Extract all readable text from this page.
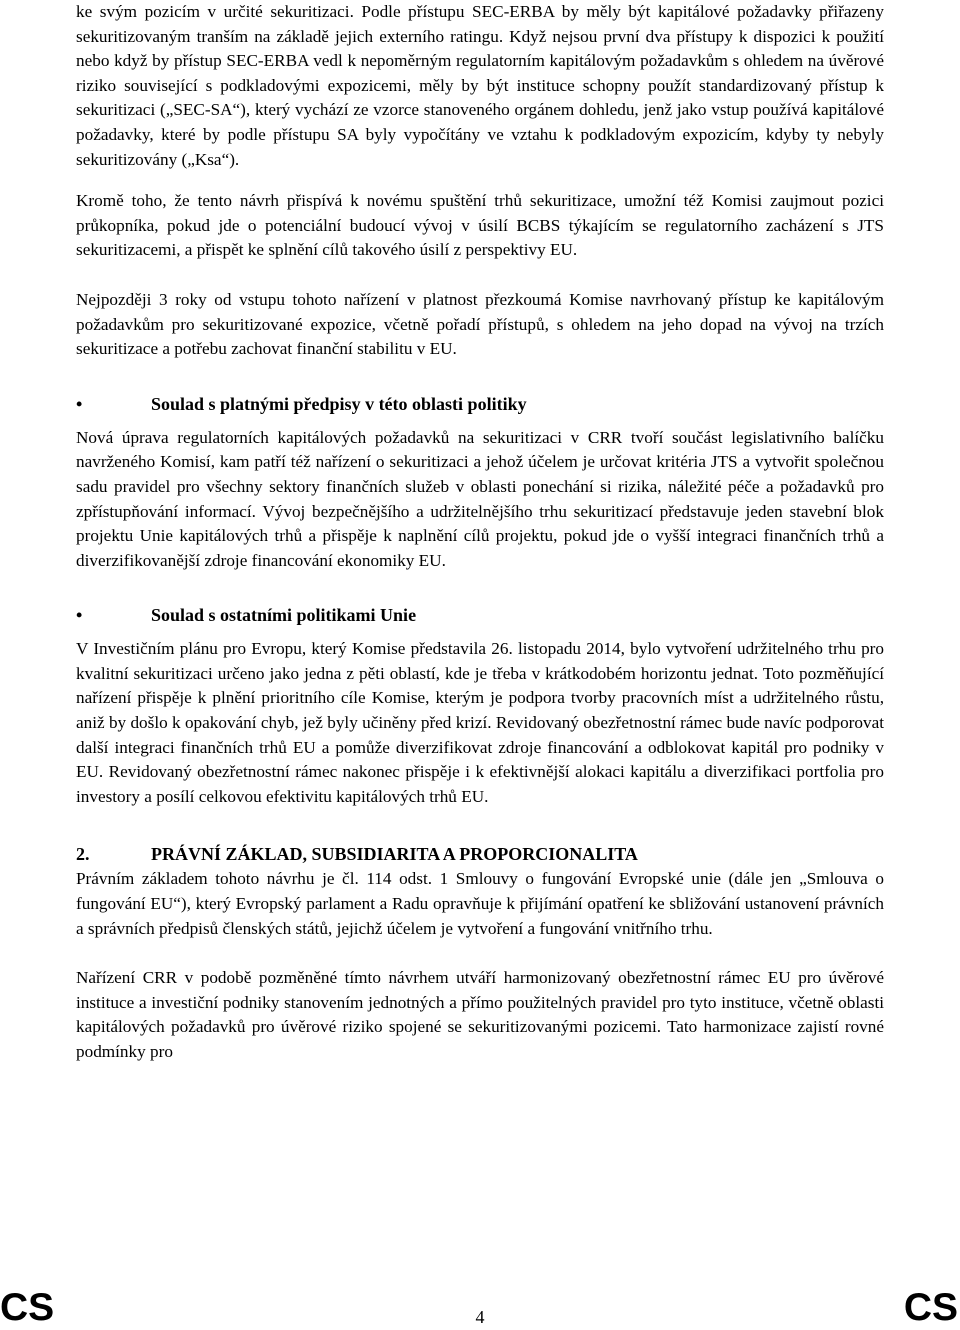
ke svým pozicím v určité sekuritizaci. Podle přístupu SEC-ERBA by měly být kapitálové požadavky přiřazeny sekuritizovaným tranším na základě jejich externího ratingu. Když nejsou první dva přístupy k dispozici k použití nebo když by přístup SEC-ERBA vedl k nepoměrným regulatorním kapitálovým požadavkům s ohledem na úvěrové riziko související s podkladovými expozicemi, měly by být instituce schopny použít standardizovaný přístup k sekuritizaci („SEC-SA“), který vychází ze vzorce stanoveného orgánem dohledu, jenž jako vstup používá kapitálové požadavky, které by podle přístupu SA byly vypočítány ve vztahu k podkladovým expozicím, kdyby ty nebyly sekuritizovány („Ksa“).

Kromě toho, že tento návrh přispívá k novému spuštění trhů sekuritizace, umožní též Komisi zaujmout pozici průkopníka, pokud jde o potenciální budoucí vývoj v úsilí BCBS týkajícím se regulatorního zacházení s JTS sekuritizacemi, a přispět ke splnění cílů takového úsilí z perspektivy EU.

Nejpozději 3 roky od vstupu tohoto nařízení v platnost přezkoumá Komise navrhovaný přístup ke kapitálovým požadavkům pro sekuritizované expozice, včetně pořadí přístupů, s ohledem na jeho dopad na vývoj na trzích sekuritizace a potřebu zachovat finanční stabilitu v EU.

•	Soulad s platnými předpisy v této oblasti politiky

Nová úprava regulatorních kapitálových požadavků na sekuritizaci v CRR tvoří součást legislativního balíčku navrženého Komisí, kam patří též nařízení o sekuritizaci a jehož účelem je určovat kritéria JTS a vytvořit společnou sadu pravidel pro všechny sektory finančních služeb v oblasti ponechání si rizika, náležité péče a požadavků pro zpřístupňování informací. Vývoj bezpečnějšího a udržitelnějšího trhu sekuritizací představuje jeden stavební blok projektu Unie kapitálových trhů a přispěje k naplnění cílů projektu, pokud jde o vyšší integraci finančních trhů a diverzifikovanější zdroje financování ekonomiky EU.

•	Soulad s ostatními politikami Unie

V Investičním plánu pro Evropu, který Komise představila 26. listopadu 2014, bylo vytvoření udržitelného trhu pro kvalitní sekuritizaci určeno jako jedna z pěti oblastí, kde je třeba v krátkodobém horizontu jednat. Toto pozměňující nařízení přispěje k plnění prioritního cíle Komise, kterým je podpora tvorby pracovních míst a udržitelného růstu, aniž by došlo k opakování chyb, jež byly učiněny před krizí. Revidovaný obezřetnostní rámec bude navíc podporovat další integraci finančních trhů EU a pomůže diverzifikovat zdroje financování a odblokovat kapitál pro podniky v EU. Revidovaný obezřetnostní rámec nakonec přispěje i k efektivnější alokaci kapitálu a diverzifikaci portfolia pro investory a posílí celkovou efektivitu kapitálových trhů EU.

2.	PRÁVNÍ ZÁKLAD, SUBSIDIARITA A PROPORCIONALITA

Právním základem tohoto návrhu je čl. 114 odst. 1 Smlouvy o fungování Evropské unie (dále jen „Smlouva o fungování EU“), který Evropský parlament a Radu opravňuje k přijímání opatření ke sbližování ustanovení právních a správních předpisů členských států, jejichž účelem je vytvoření a fungování vnitřního trhu.

Nařízení CRR v podobě pozměněné tímto návrhem utváří harmonizovaný obezřetnostní rámec EU pro úvěrové instituce a investiční podniky stanovením jednotných a přímo použitelných pravidel pro tyto instituce, včetně oblasti kapitálových požadavků pro úvěrové riziko spojené se sekuritizovanými pozicemi. Tato harmonizace zajistí rovné podmínky pro

CS	4	CS
